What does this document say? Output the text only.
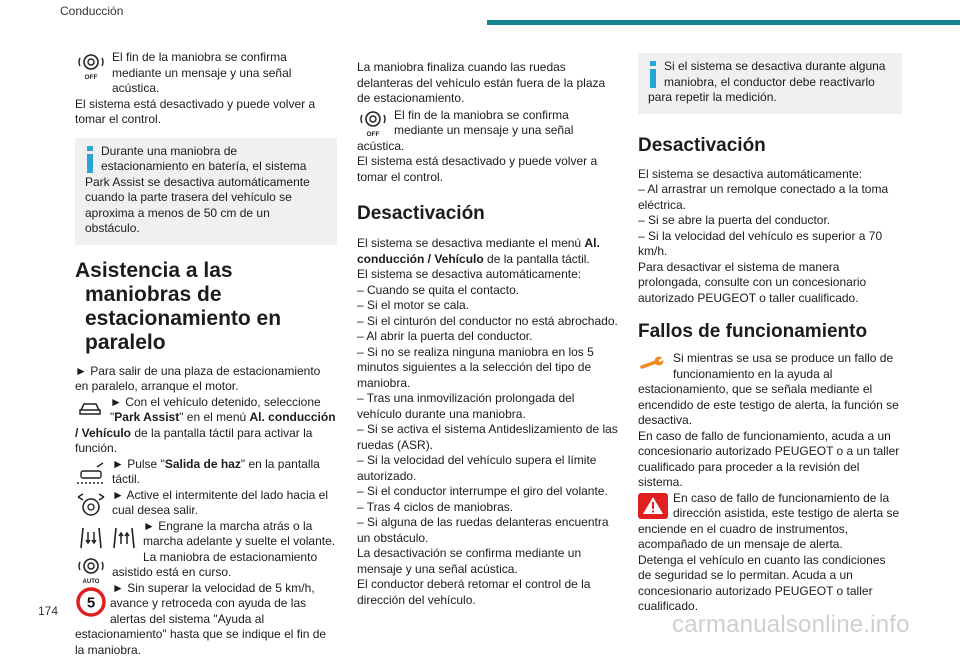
Conducción
OFF

El fin de la maniobra se confirma mediante un mensaje y una señal acústica.

El sistema está desactivado y puede volver a tomar el control.

Durante una maniobra de estacionamiento en batería, el sistema Park Assist se desactiva automáticamente cuando la parte trasera del vehículo se aproxima a menos de 50 cm de un obstáculo.

Asistencia a las maniobras de estacionamiento en paralelo

► Para salir de una plaza de estacionamiento en paralelo, arranque el motor.

► Con el vehículo detenido, seleccione "Park Assist" en el menú Al. conducción / Vehículo de la pantalla táctil para activar la función.

► Pulse "Salida de haz" en la pantalla táctil.

► Active el intermitente del lado hacia el cual desea salir.

► Engrane la marcha atrás o la marcha adelante y suelte el volante.

AUTO

La maniobra de estacionamiento asistido está en curso.

5

► Sin superar la velocidad de 5 km/h, avance y retroceda con ayuda de las alertas del sistema "Ayuda al estacionamiento" hasta que se indique el fin de la maniobra.

La maniobra finaliza cuando las ruedas delanteras del vehículo están fuera de la plaza de estacionamiento.

OFF

El fin de la maniobra se confirma mediante un mensaje y una señal acústica.

El sistema está desactivado y puede volver a tomar el control.

Desactivación

El sistema se desactiva mediante el menú Al. conducción / Vehículo de la pantalla táctil.

El sistema se desactiva automáticamente:

– Cuando se quita el contacto.

– Si el motor se cala.

– Si el cinturón del conductor no está abrochado.

– Al abrir la puerta del conductor.

– Si no se realiza ninguna maniobra en los 5 minutos siguientes a la selección del tipo de maniobra.

– Tras una inmovilización prolongada del vehículo durante una maniobra.

– Si se activa el sistema Antideslizamiento de las ruedas (ASR).

– Si la velocidad del vehículo supera el límite autorizado.

– Si el conductor interrumpe el giro del volante.

– Tras 4 ciclos de maniobras.

– Si alguna de las ruedas delanteras encuentra un obstáculo.

La desactivación se confirma mediante un mensaje y una señal acústica.

El conductor deberá retomar el control de la dirección del vehículo.

Si el sistema se desactiva durante alguna maniobra, el conductor debe reactivarlo para repetir la medición.

Desactivación

El sistema se desactiva automáticamente:

– Al arrastrar un remolque conectado a la toma eléctrica.

– Si se abre la puerta del conductor.

– Si la velocidad del vehículo es superior a 70 km/h.

Para desactivar el sistema de manera prolongada, consulte con un concesionario autorizado PEUGEOT o taller cualificado.

Fallos de funcionamiento

Si mientras se usa se produce un fallo de funcionamiento en la ayuda al estacionamiento, que se señala mediante el encendido de este testigo de alerta, la función se desactiva.

En caso de fallo de funcionamiento, acuda a un concesionario autorizado PEUGEOT o a un taller cualificado para proceder a la revisión del sistema.

En caso de fallo de funcionamiento de la dirección asistida, este testigo de alerta se enciende en el cuadro de instrumentos, acompañado de un mensaje de alerta.

Detenga el vehículo en cuanto las condiciones de seguridad se lo permitan. Acuda a un concesionario autorizado PEUGEOT o taller cualificado.

174	carmanualsonline.info
